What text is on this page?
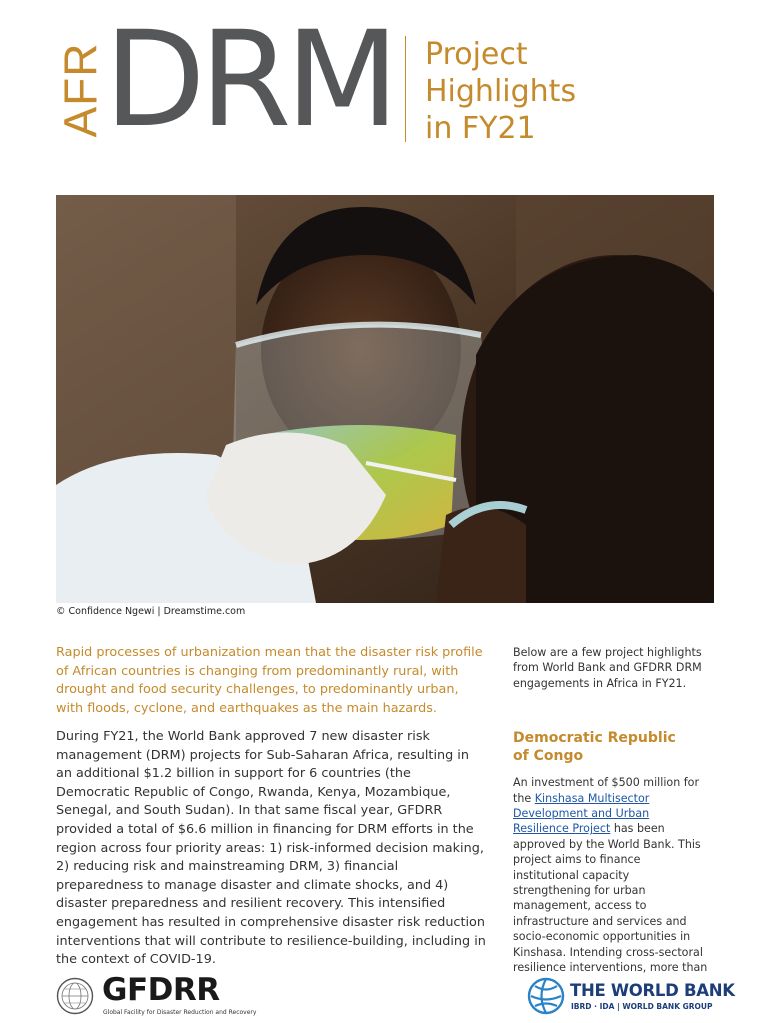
AFR
DRM Project
Highlights
in FY21
© Confidence Ngewi | Dreamstime.com

Rapid processes of urbanization mean that the disaster risk profile of African countries is changing from predominantly rural, with drought and food security challenges, to predominantly urban, with floods, cyclone, and earthquakes as the main hazards.

During FY21, the World Bank approved 7 new disaster risk management (DRM) projects for Sub-Saharan Africa, resulting in an additional $1.2 billion in support for 6 countries (the Democratic Republic of Congo, Rwanda, Kenya, Mozambique, Senegal, and South Sudan). In that same fiscal year, GFDRR provided a total of $6.6 million in financing for DRM efforts in the region across four priority areas: 1) risk-informed decision making, 2) reducing risk and mainstreaming DRM, 3) financial preparedness to manage disaster and climate shocks, and 4) disaster preparedness and resilient recovery. This intensified engagement has resulted in comprehensive disaster risk reduction interventions that will contribute to resilience-building, including in the context of COVID-19.

Below are a few project highlights from World Bank and GFDRR DRM engagements in Africa in FY21.

Democratic Republic
of Congo

An investment of $500 million for the Kinshasa Multisector Development and Urban Resilience Project has been approved by the World Bank. This project aims to finance institutional capacity strengthening for urban management, access to infrastructure and services and socio-economic opportunities in Kinshasa. Intending cross-sectoral resilience interventions, more than

GFDRR
Global Facility for Disaster Reduction and Recovery
THE WORLD BANK
IBRD · IDA | WORLD BANK GROUP
